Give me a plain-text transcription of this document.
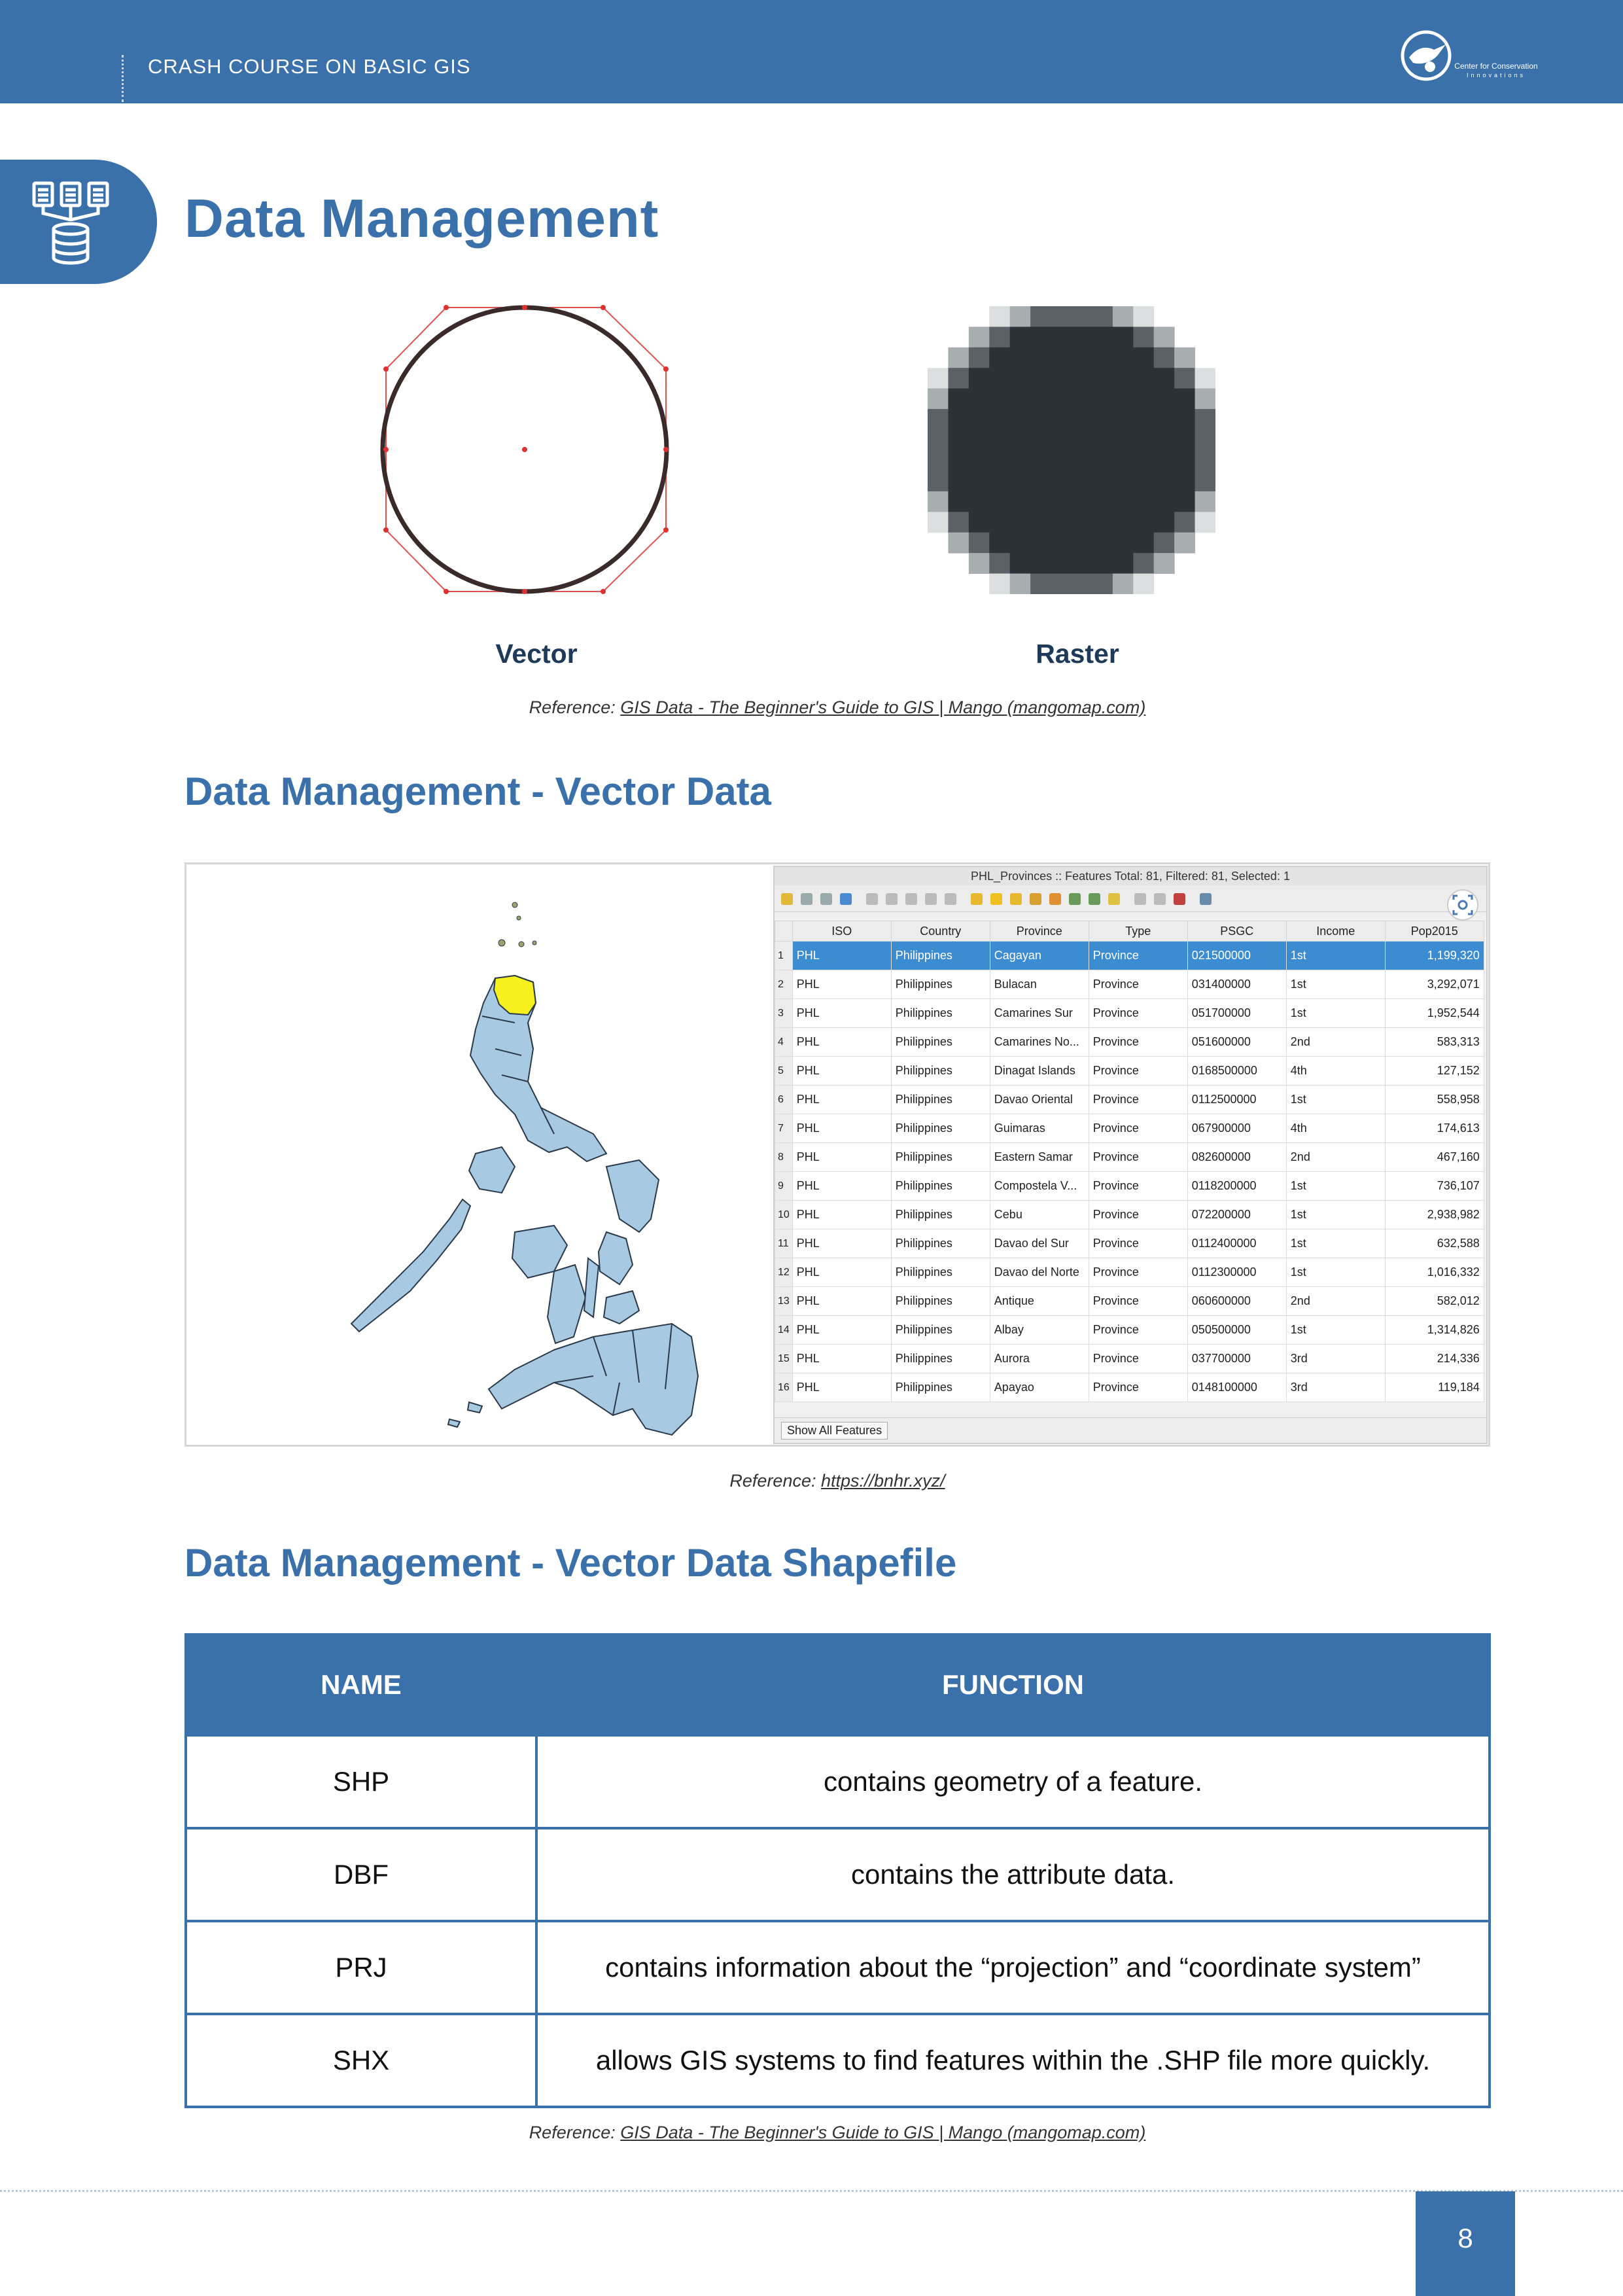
CRASH COURSE ON BASIC GIS	Center for Conservation
Innovations
Data Management
Vector	Raster
Reference: GIS Data - The Beginner's Guide to GIS | Mango (mangomap.com)
Data Management - Vector Data
PHL_Provinces :: Features Total: 81, Filtered: 81, Selected: 1
	ISO	Country	Province	Type	PSGC	Income	Pop2015
1	PHL	Philippines	Cagayan	Province	021500000	1st	1,199,320
2	PHL	Philippines	Bulacan	Province	031400000	1st	3,292,071
3	PHL	Philippines	Camarines Sur	Province	051700000	1st	1,952,544
4	PHL	Philippines	Camarines No...	Province	051600000	2nd	583,313
5	PHL	Philippines	Dinagat Islands	Province	0168500000	4th	127,152
6	PHL	Philippines	Davao Oriental	Province	0112500000	1st	558,958
7	PHL	Philippines	Guimaras	Province	067900000	4th	174,613
8	PHL	Philippines	Eastern Samar	Province	082600000	2nd	467,160
9	PHL	Philippines	Compostela V...	Province	0118200000	1st	736,107
10	PHL	Philippines	Cebu	Province	072200000	1st	2,938,982
11	PHL	Philippines	Davao del Sur	Province	0112400000	1st	632,588
12	PHL	Philippines	Davao del Norte	Province	0112300000	1st	1,016,332
13	PHL	Philippines	Antique	Province	060600000	2nd	582,012
14	PHL	Philippines	Albay	Province	050500000	1st	1,314,826
15	PHL	Philippines	Aurora	Province	037700000	3rd	214,336
16	PHL	Philippines	Apayao	Province	0148100000	3rd	119,184
Show All Features
Reference: https://bnhr.xyz/
Data Management - Vector Data Shapefile
NAME	FUNCTION
SHP	contains geometry of a feature.
DBF	contains the attribute data.
PRJ	contains information about the “projection” and “coordinate system”
SHX	allows GIS systems to find features within the .SHP file more quickly.
Reference: GIS Data - The Beginner's Guide to GIS | Mango (mangomap.com)
8
